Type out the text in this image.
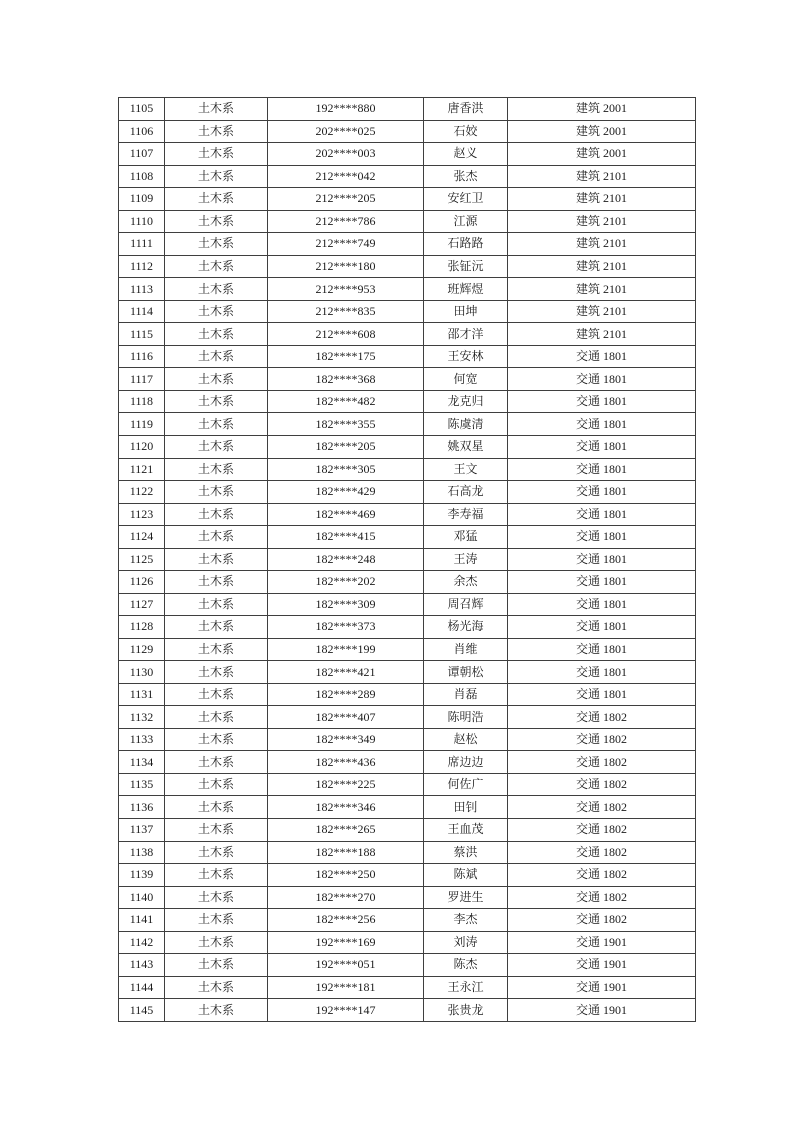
1105	土木系	192****880	唐香洪	建筑 2001
1106	土木系	202****025	石姣	建筑 2001
1107	土木系	202****003	赵义	建筑 2001
1108	土木系	212****042	张杰	建筑 2101
1109	土木系	212****205	安红卫	建筑 2101
1110	土木系	212****786	江源	建筑 2101
1111	土木系	212****749	石路路	建筑 2101
1112	土木系	212****180	张钲沅	建筑 2101
1113	土木系	212****953	班辉煜	建筑 2101
1114	土木系	212****835	田坤	建筑 2101
1115	土木系	212****608	邵才洋	建筑 2101
1116	土木系	182****175	王安林	交通 1801
1117	土木系	182****368	何宽	交通 1801
1118	土木系	182****482	龙克归	交通 1801
1119	土木系	182****355	陈虞清	交通 1801
1120	土木系	182****205	姚双星	交通 1801
1121	土木系	182****305	王文	交通 1801
1122	土木系	182****429	石高龙	交通 1801
1123	土木系	182****469	李寿福	交通 1801
1124	土木系	182****415	邓猛	交通 1801
1125	土木系	182****248	王涛	交通 1801
1126	土木系	182****202	余杰	交通 1801
1127	土木系	182****309	周召辉	交通 1801
1128	土木系	182****373	杨光海	交通 1801
1129	土木系	182****199	肖维	交通 1801
1130	土木系	182****421	谭朝松	交通 1801
1131	土木系	182****289	肖磊	交通 1801
1132	土木系	182****407	陈明浩	交通 1802
1133	土木系	182****349	赵松	交通 1802
1134	土木系	182****436	席边边	交通 1802
1135	土木系	182****225	何佐广	交通 1802
1136	土木系	182****346	田钊	交通 1802
1137	土木系	182****265	王血茂	交通 1802
1138	土木系	182****188	蔡洪	交通 1802
1139	土木系	182****250	陈斌	交通 1802
1140	土木系	182****270	罗进生	交通 1802
1141	土木系	182****256	李杰	交通 1802
1142	土木系	192****169	刘涛	交通 1901
1143	土木系	192****051	陈杰	交通 1901
1144	土木系	192****181	王永江	交通 1901
1145	土木系	192****147	张贵龙	交通 1901
